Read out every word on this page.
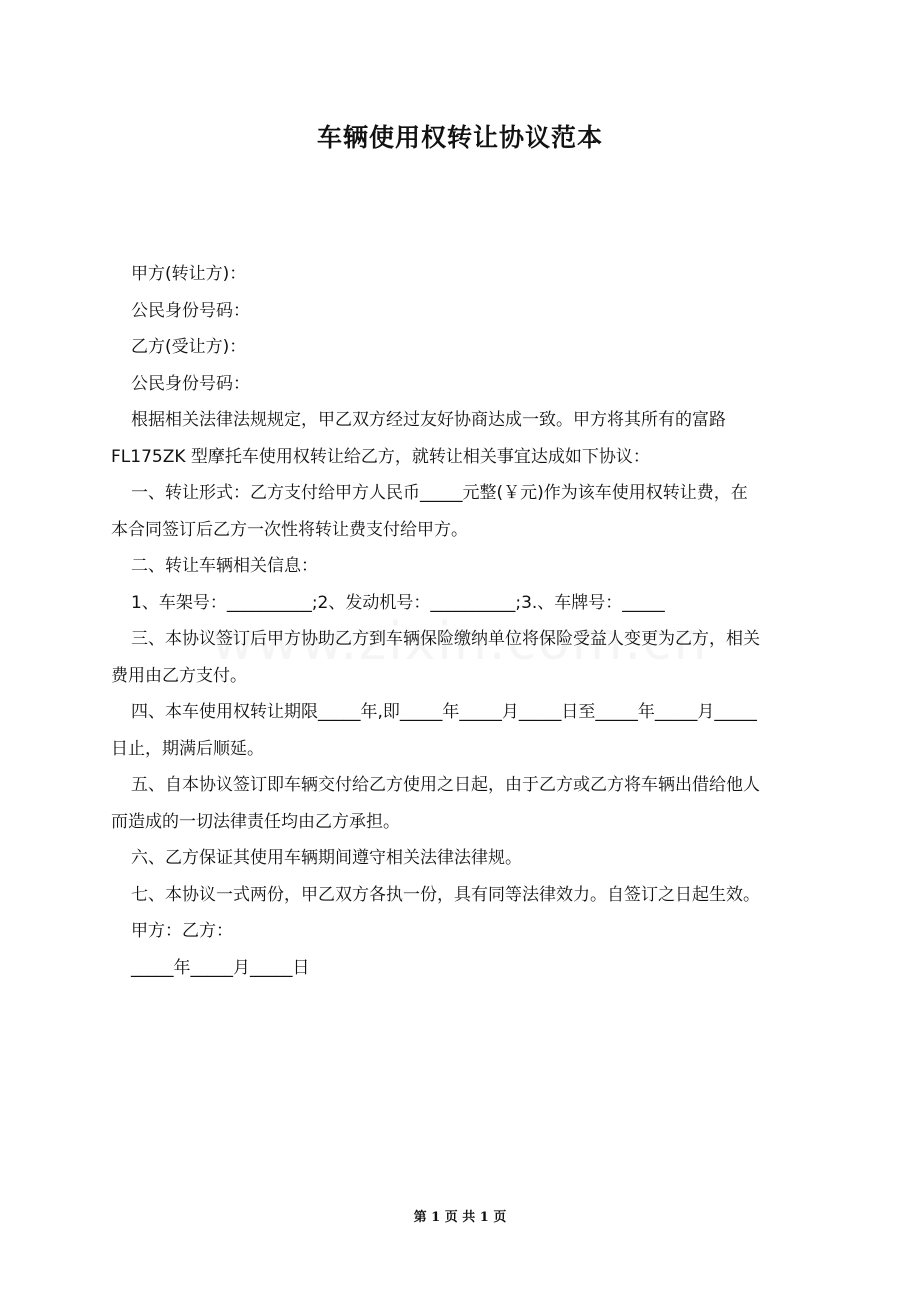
车辆使用权转让协议范本

甲方(转让方)：

公民身份号码：

乙方(受让方)：

公民身份号码：

根据相关法律法规规定，甲乙双方经过友好协商达成一致。甲方将其所有的富路

FL175ZK 型摩托车使用权转让给乙方，就转让相关事宜达成如下协议：

一、转让形式：乙方支付给甲方人民币_____元整(￥元)作为该车使用权转让费，在

本合同签订后乙方一次性将转让费支付给甲方。

二、转让车辆相关信息：

1、车架号：__________;2、发动机号：__________;3.、车牌号：_____

三、本协议签订后甲方协助乙方到车辆保险缴纳单位将保险受益人变更为乙方，相关

费用由乙方支付。

四、本车使用权转让期限_____年,即_____年_____月_____日至_____年_____月_____

日止，期满后顺延。

五、自本协议签订即车辆交付给乙方使用之日起，由于乙方或乙方将车辆出借给他人

而造成的一切法律责任均由乙方承担。

六、乙方保证其使用车辆期间遵守相关法律法律规。

七、本协议一式两份，甲乙双方各执一份，具有同等法律效力。自签订之日起生效。

甲方：乙方：

_____年_____月_____日

第 1 页 共 1 页
